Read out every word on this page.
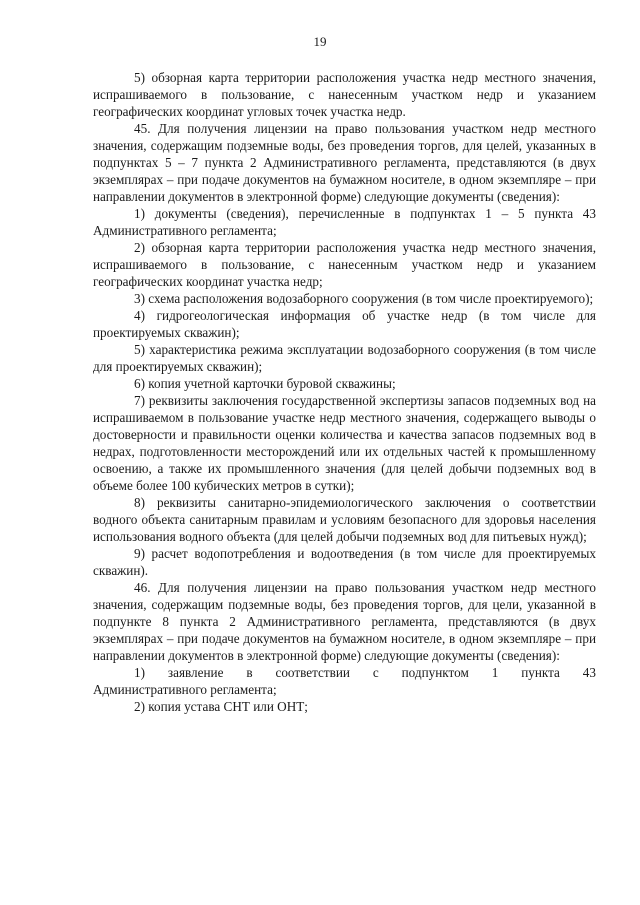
19

5) обзорная карта территории расположения участка недр местного значения, испрашиваемого в пользование, с нанесенным участком недр и указанием географических координат угловых точек участка недр.

45. Для получения лицензии на право пользования участком недр местного значения, содержащим подземные воды, без проведения торгов, для целей, указанных в подпунктах 5 – 7 пункта 2 Административного регламента, представляются (в двух экземплярах – при подаче документов на бумажном носителе, в одном экземпляре – при направлении документов в электронной форме) следующие документы (сведения):

1) документы (сведения), перечисленные в подпунктах 1 – 5 пункта 43 Административного регламента;

2) обзорная карта территории расположения участка недр местного значения, испрашиваемого в пользование, с нанесенным участком недр и указанием географических координат участка недр;

3) схема расположения водозаборного сооружения (в том числе проектируемого);

4) гидрогеологическая информация об участке недр (в том числе для проектируемых скважин);

5) характеристика режима эксплуатации водозаборного сооружения (в том числе для проектируемых скважин);

6) копия учетной карточки буровой скважины;

7) реквизиты заключения государственной экспертизы запасов подземных вод на испрашиваемом в пользование участке недр местного значения, содержащего выводы о достоверности и правильности оценки количества и качества запасов подземных вод в недрах, подготовленности месторождений или их отдельных частей к промышленному освоению, а также их промышленного значения (для целей добычи подземных вод в объеме более 100 кубических метров в сутки);

8) реквизиты санитарно-эпидемиологического заключения о соответствии водного объекта санитарным правилам и условиям безопасного для здоровья населения использования водного объекта (для целей добычи подземных вод для питьевых нужд);

9) расчет водопотребления и водоотведения (в том числе для проектируемых скважин).

46. Для получения лицензии на право пользования участком недр местного значения, содержащим подземные воды, без проведения торгов, для цели, указанной в подпункте 8 пункта 2 Административного регламента, представляются (в двух экземплярах – при подаче документов на бумажном носителе, в одном экземпляре – при направлении документов в электронной форме) следующие документы (сведения):

1) заявление в соответствии с подпунктом 1 пункта 43

Административного регламента;

2) копия устава СНТ или ОНТ;
